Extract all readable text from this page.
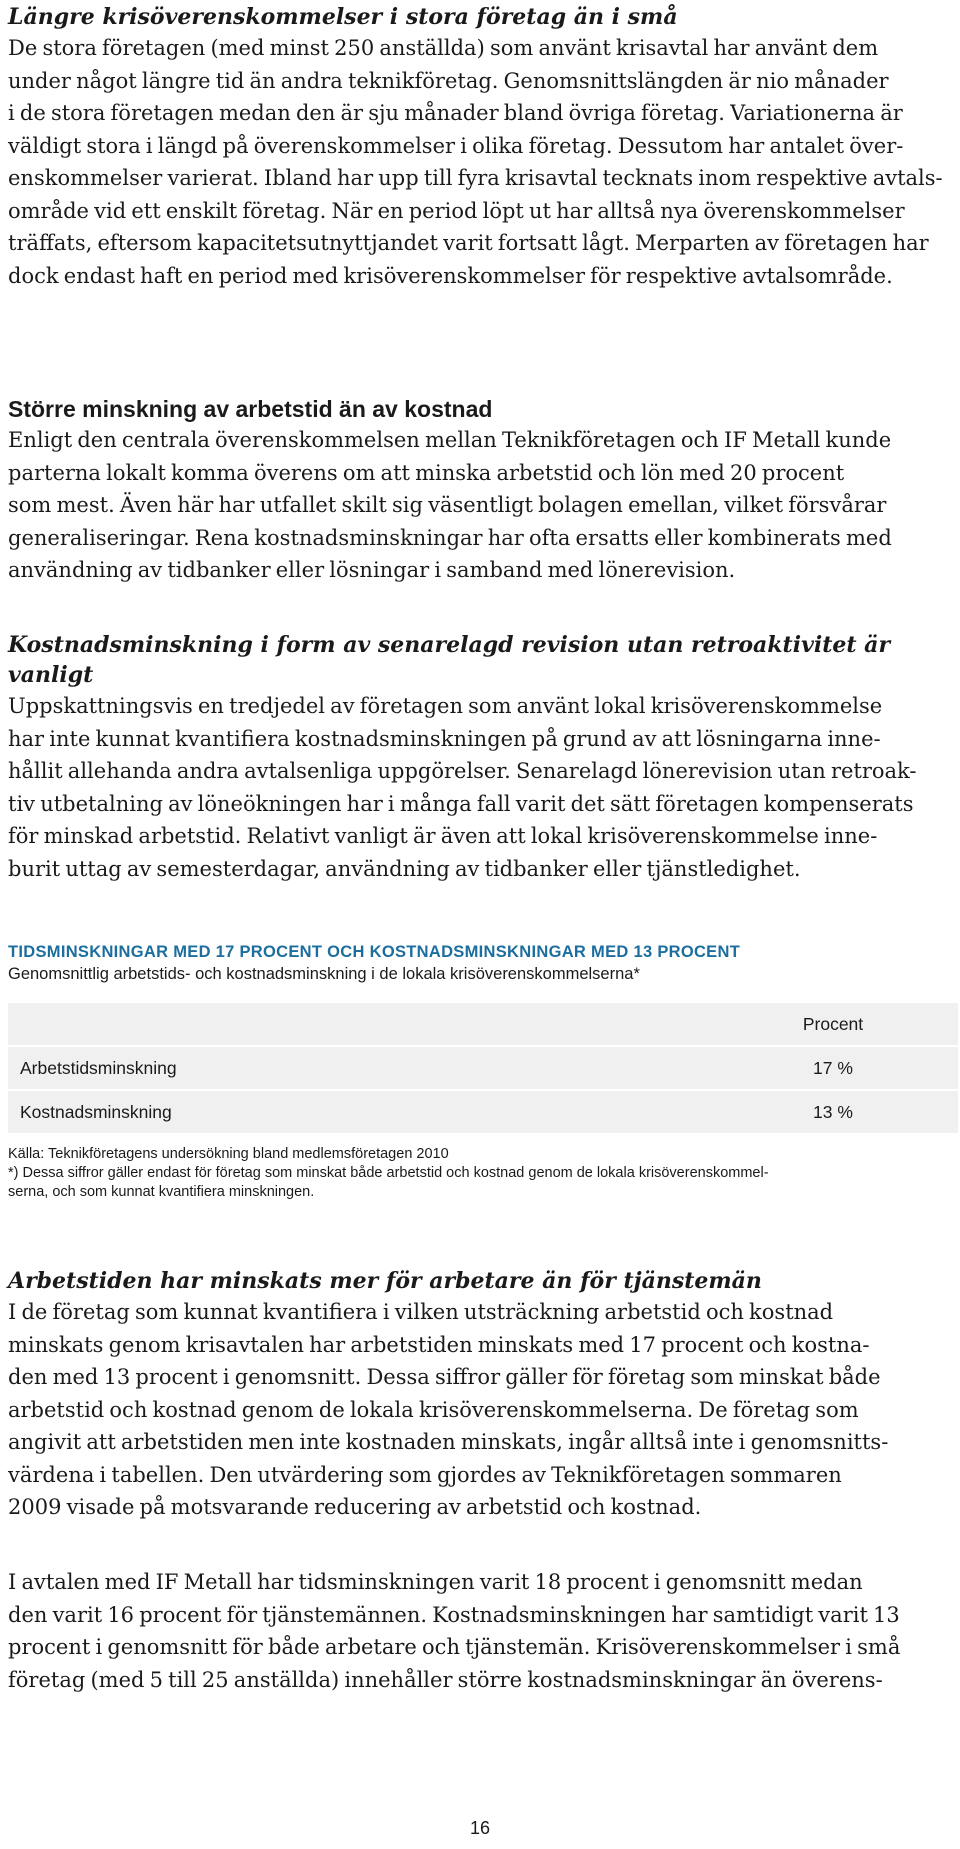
Längre krisöverenskommelser i stora företag än i små

De stora företagen (med minst 250 anställda) som använt krisavtal har använt dem
under något längre tid än andra teknikföretag. Genomsnittslängden är nio månader
i de stora företagen medan den är sju månader bland övriga företag. Variationerna är
väldigt stora i längd på överenskommelser i olika företag. Dessutom har antalet över-
enskommelser varierat. Ibland har upp till fyra krisavtal tecknats inom respektive avtals-
område vid ett enskilt företag. När en period löpt ut har alltså nya överenskommelser
träffats, eftersom kapacitetsutnyttjandet varit fortsatt lågt. Merparten av företagen har
dock endast haft en period med krisöverenskommelser för respektive avtalsområde.

Större minskning av arbetstid än av kostnad

Enligt den centrala överenskommelsen mellan Teknikföretagen och IF Metall kunde
parterna lokalt komma överens om att minska arbetstid och lön med 20 procent
som mest. Även här har utfallet skilt sig väsentligt bolagen emellan, vilket försvårar
generaliseringar. Rena kostnadsminskningar har ofta ersatts eller kombinerats med
användning av tidbanker eller lösningar i samband med lönerevision.

Kostnadsminskning i form av senarelagd revision utan retroaktivitet är vanligt

Uppskattningsvis en tredjedel av företagen som använt lokal krisöverenskommelse
har inte kunnat kvantifiera kostnadsminskningen på grund av att lösningarna inne-
hållit allehanda andra avtalsenliga uppgörelser. Senarelagd lönerevision utan retroak-
tiv utbetalning av löneökningen har i många fall varit det sätt företagen kompenserats
för minskad arbetstid. Relativt vanligt är även att lokal krisöverenskommelse inne-
burit uttag av semesterdagar, användning av tidbanker eller tjänstledighet.

TIDSMINSKNINGAR MED 17 PROCENT OCH KOSTNADSMINSKNINGAR MED 13 PROCENT

Genomsnittlig arbetstids- och kostnadsminskning i de lokala krisöverenskommelserna*

	Procent
Arbetstidsminskning	17 %
Kostnadsminskning	13 %

Källa: Teknikföretagens undersökning bland medlemsföretagen 2010

*) Dessa siffror gäller endast för företag som minskat både arbetstid och kostnad genom de lokala krisöverenskommel-
serna, och som kunnat kvantifiera minskningen.

Arbetstiden har minskats mer för arbetare än för tjänstemän

I de företag som kunnat kvantifiera i vilken utsträckning arbetstid och kostnad
minskats genom krisavtalen har arbetstiden minskats med 17 procent och kostna-
den med 13 procent i genomsnitt. Dessa siffror gäller för företag som minskat både
arbetstid och kostnad genom de lokala krisöverenskommelserna. De företag som
angivit att arbetstiden men inte kostnaden minskats, ingår alltså inte i genomsnitts-
värdena i tabellen. Den utvärdering som gjordes av Teknikföretagen sommaren
2009 visade på motsvarande reducering av arbetstid och kostnad.

I avtalen med IF Metall har tidsminskningen varit 18 procent i genomsnitt medan
den varit 16 procent för tjänstemännen. Kostnadsminskningen har samtidigt varit 13
procent i genomsnitt för både arbetare och tjänstemän. Krisöverenskommelser i små
företag (med 5 till 25 anställda) innehåller större kostnadsminskningar än överens-

16
